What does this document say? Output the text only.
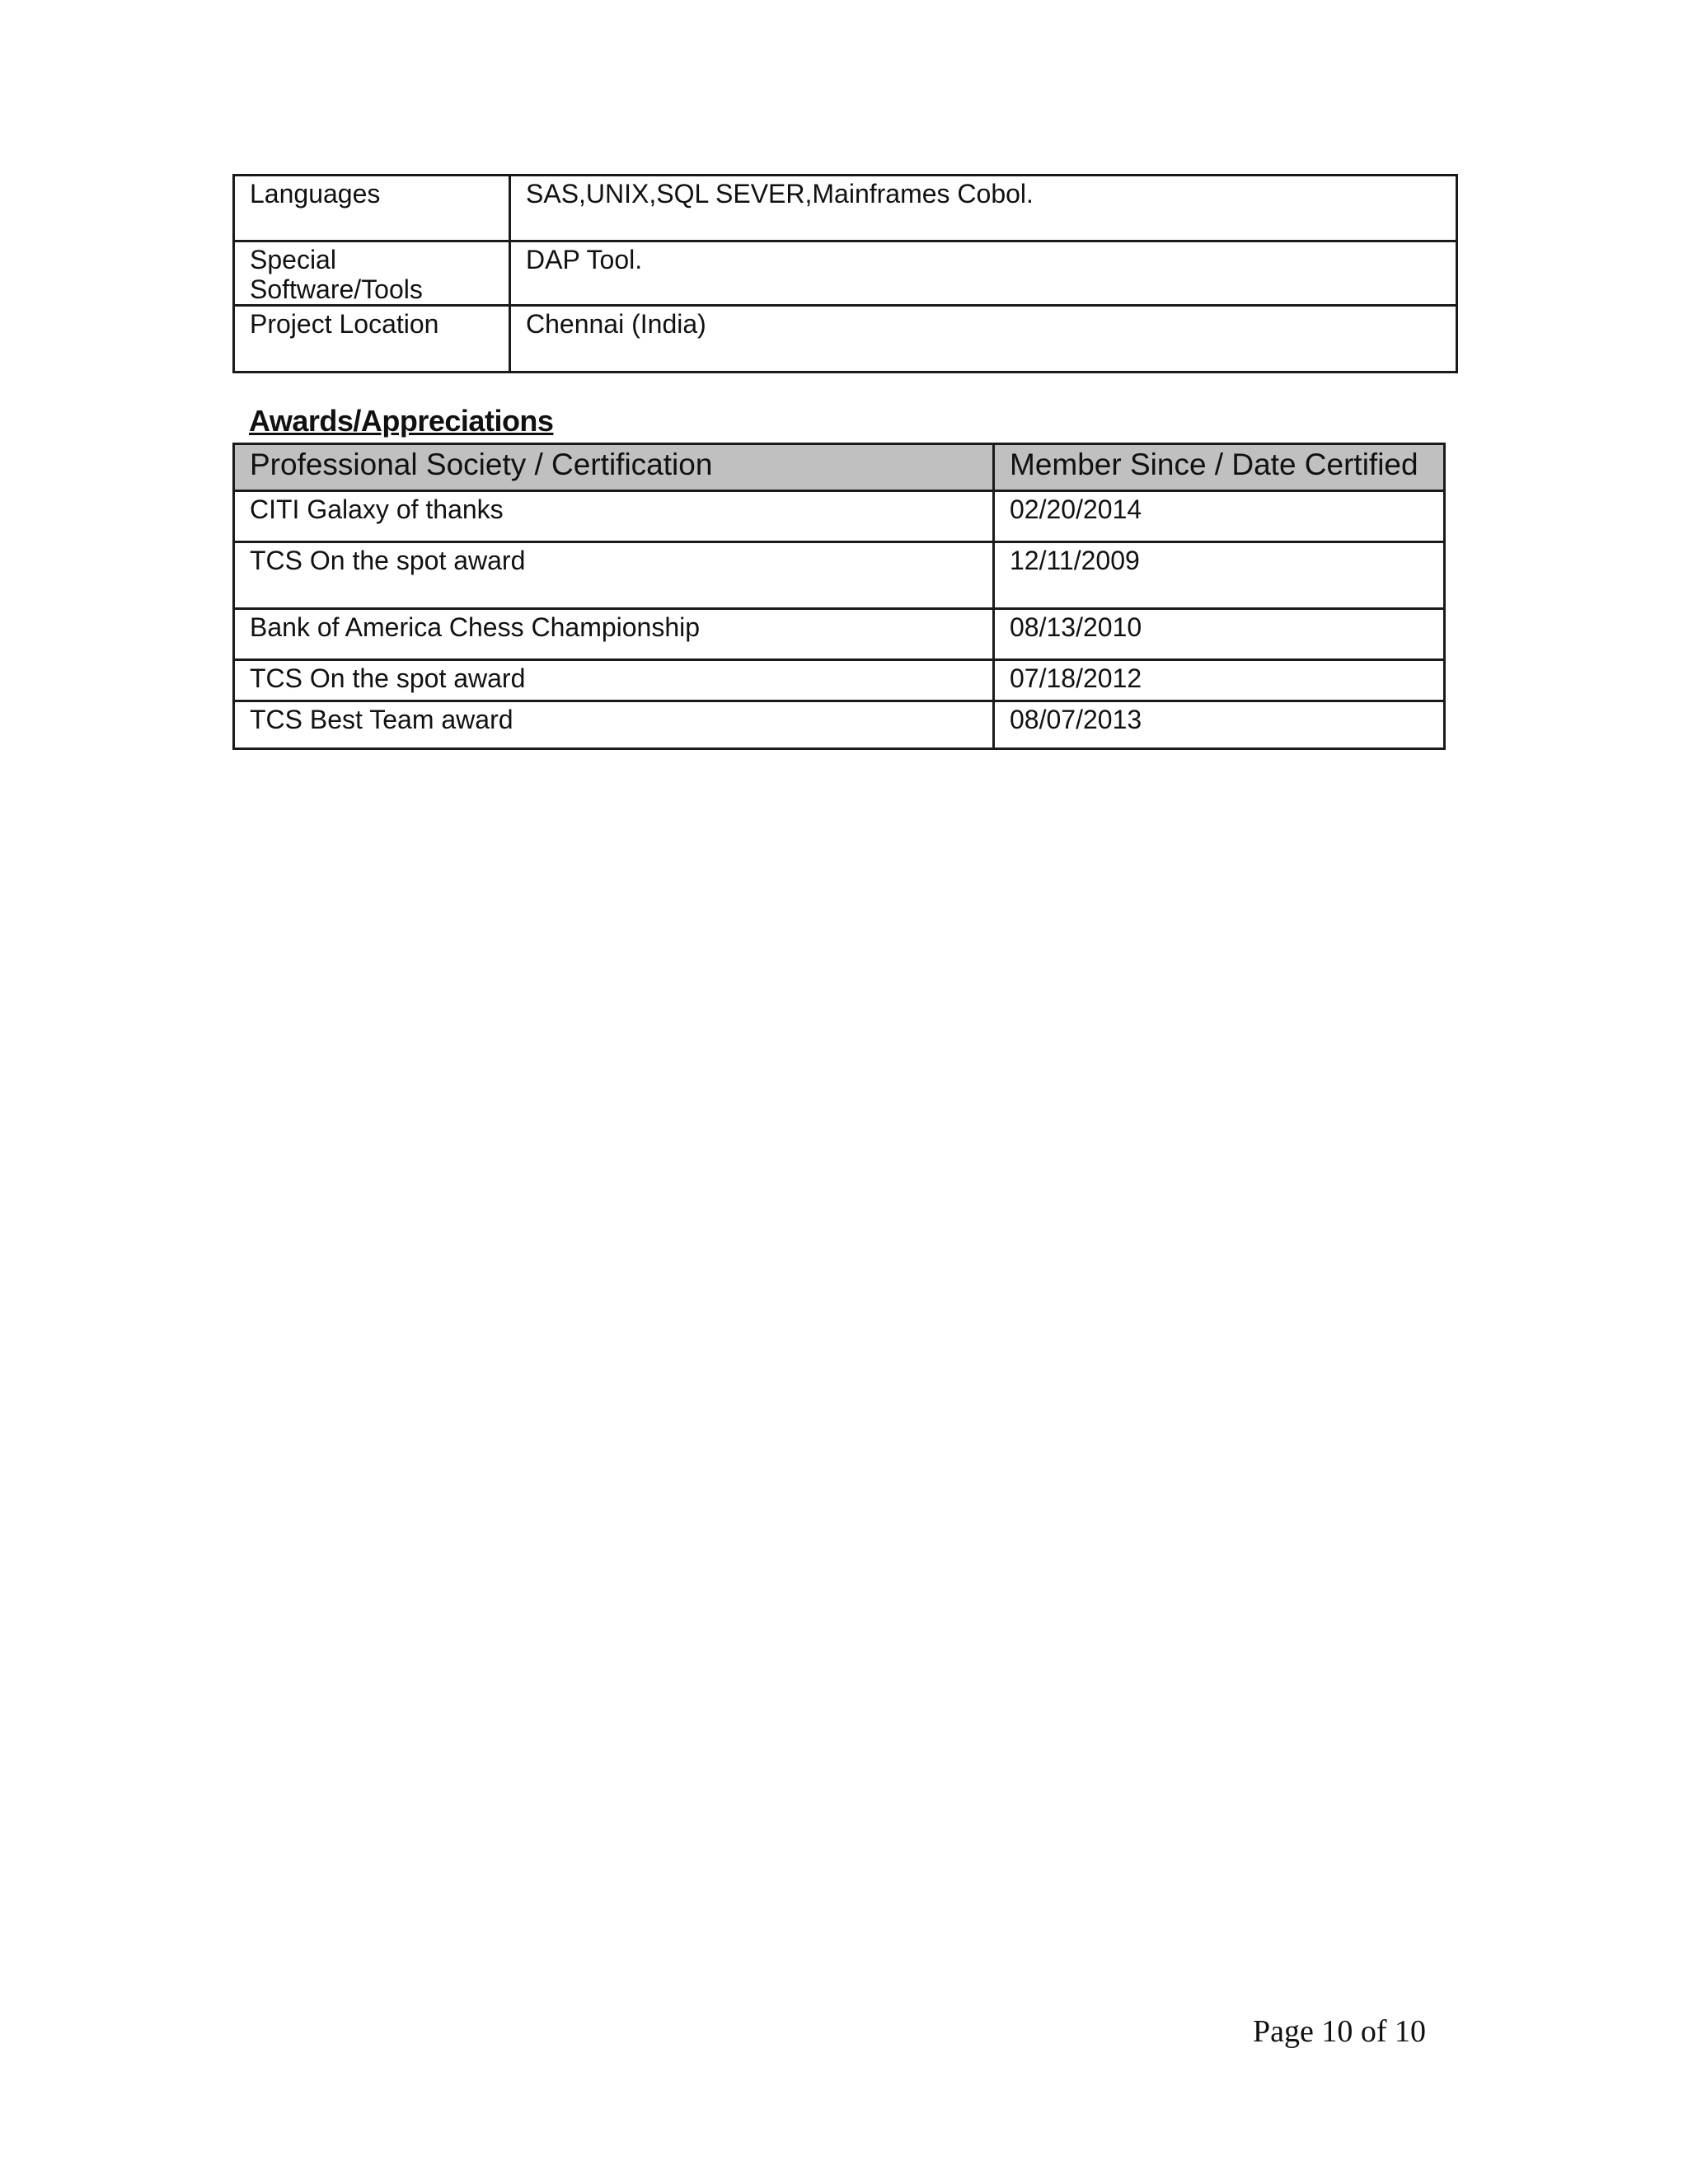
Languages	SAS,UNIX,SQL SEVER,Mainframes Cobol.
Special Software/Tools	DAP Tool.
Project Location	Chennai (India)
Awards/Appreciations
Professional Society / Certification	Member Since / Date Certified
CITI Galaxy of thanks	02/20/2014
TCS On the spot award	12/11/2009
Bank of America Chess Championship	08/13/2010
TCS On the spot award	07/18/2012
TCS Best Team award	08/07/2013
Page 10 of 10
